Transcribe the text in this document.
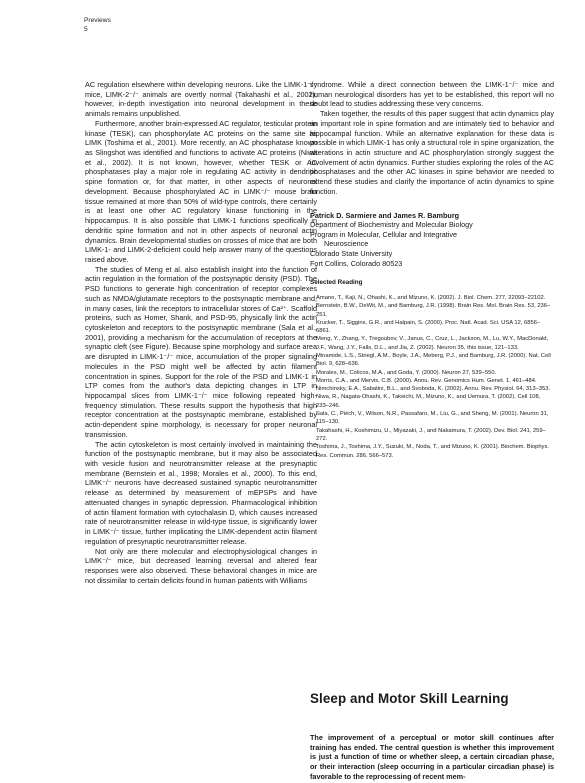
Previews
5

AC regulation elsewhere within developing neurons. Like the LIMK-1⁻/⁻ mice, LIMK-2⁻/⁻ animals are overtly normal (Takahashi et al., 2002); however, in-depth investigation into neuronal development in these animals remains unpublished.

Furthermore, another brain-expressed AC regulator, testicular protein kinase (TESK), can phosphorylate AC proteins on the same site as LIMK (Toshima et al., 2001). More recently, an AC phosphatase known as Slingshot was identified and functions to activate AC proteins (Niwa et al., 2002). It is not known, however, whether TESK or AC phosphatases play a major role in regulating AC activity in dendritic spine formation or, for that matter, in other aspects of neuronal development. Because phosphorylated AC in LIMK⁻/⁻ mouse brain tissue remained at more than 50% of wild-type controls, there certainly is at least one other AC regulatory kinase functioning in the hippocampus. It is also possible that LIMK-1 functions specifically in dendritic spine formation and not in other aspects of neuronal actin dynamics. Brain developmental studies on crosses of mice that are both LIMK-1- and LIMK-2-deficient could help answer many of the questions raised above.

The studies of Meng et al. also establish insight into the function of actin regulation in the formation of the postsynaptic density (PSD). The PSD functions to generate high concentration of receptor complexes such as NMDA/glutamate receptors to the postsynaptic membrane and, in many cases, link the receptors to intracellular stores of Ca²⁺. Scaffold proteins, such as Homer, Shank, and PSD-95, physically link the actin cytoskeleton and receptors to the postsynaptic membrane (Sala et al., 2001), providing a mechanism for the accumulation of receptors at the synaptic cleft (see Figure). Because spine morphology and surface area are disrupted in LIMK-1⁻/⁻ mice, accumulation of the proper signaling molecules in the PSD might well be affected by actin filament concentration in spines. Support for the role of the PSD and LIMK-1 in LTP comes from the author's data depicting changes in LTP in hippocampal slices from LIMK-1⁻/⁻ mice following repeated high-frequency stimulation. These results support the hypothesis that high receptor concentration at the postsynaptic membrane, established by actin-dependent spine morphology, is necessary for proper neuronal transmission.

The actin cytoskeleton is most certainly involved in maintaining the function of the postsynaptic membrane, but it may also be associated with vesicle fusion and neurotransmitter release at the presynaptic membrane (Bernstein et al., 1998; Morales et al., 2000). To this end, LIMK⁻/⁻ neurons have decreased sustained synaptic neurotransmitter release as determined by measurement of mEPSPs and have attenuated changes in synaptic depression. Pharmacological inhibition of actin filament formation with cytochalasin D, which causes increased rate of neurotransmitter release in wild-type tissue, is significantly lower in LIMK⁻/⁻ tissue, further implicating the LIMK-dependent actin filament regulation of presynaptic neurotransmitter release.

Not only are there molecular and electrophysiological changes in LIMK⁻/⁻ mice, but decreased learning reversal and altered fear responses were also observed. These behavioral changes in mice are not dissimilar to certain deficits found in human patients with Williams

syndrome. While a direct connection between the LIMK-1⁻/⁻ mice and human neurological disorders has yet to be established, this report will no doubt lead to studies addressing these very concerns.

Taken together, the results of this paper suggest that actin dynamics play an important role in spine formation and are intimately tied to behavior and hippocampal function. While an alternative explanation for these data is possible in which LIMK-1 has only a structural role in spine organization, the alterations in actin structure and AC phosphorylation strongly suggest the involvement of actin dynamics. Further studies exploring the roles of the AC phosphatases and the other AC kinases in spine behavior are needed to extend these studies and clarify the importance of actin dynamics to spine function.

Patrick D. Sarmiere and James R. Bamburg
Department of Biochemistry and Molecular Biology
Program in Molecular, Cellular and Integrative
Neuroscience
Colorado State University
Fort Collins, Colorado 80523
Selected Reading

Amano, T., Kaji, N., Ohashi, K., and Mizuno, K. (2002). J. Biol. Chem. 277, 22093–22102.

Bernstein, B.W., DeWit, M., and Bamburg, J.R. (1998). Brain Res. Mol. Brain Res. 53, 236–251.

Krucker, T., Siggins, G.R., and Halpain, S. (2000). Proc. Natl. Acad. Sci. USA 12, 6856–6861.

Meng, Y., Zhang, Y., Tregoubov, V., Janus, C., Cruz, L., Jackson, M., Lu, W.Y., MacDonald, J.F., Wang, J.Y., Falls, D.L., and Jia, Z. (2002). Neuron 35, this issue, 121–133.

Minamide, L.S., Striegl, A.M., Boyle, J.A., Meberg, P.J., and Bamburg, J.R. (2000). Nat. Cell Biol. 9, 628–636.

Morales, M., Colicos, M.A., and Goda, Y. (2000). Neuron 27, 539–550.

Morris, C.A., and Mervis, C.B. (2000). Annu. Rev. Genomics Hum. Genet. 1, 461–484.

Nimchinsky, E.A., Sabatini, B.L., and Svoboda, K. (2002). Annu. Rev. Physiol. 64, 313–353.

Niwa, R., Nagata-Ohashi, K., Takeichi, M., Mizuno, K., and Uemura, T. (2002). Cell 108, 233–246.

Sala, C., Piéch, V., Wilson, N.R., Passafaro, M., Liu, G., and Sheng, M. (2001). Neuron 31, 115–130.

Takahashi, H., Koshimizu, U., Miyazaki, J., and Nakamura, T. (2002). Dev. Biol. 241, 259–272.

Toshima, J., Toshima, J.Y., Suzuki, M., Noda, T., and Mizuno, K. (2001). Biochem. Biophys. Res. Commun. 286, 566–573.

Sleep and Motor Skill Learning
The improvement of a perceptual or motor skill continues after training has ended. The central question is whether this improvement is just a function of time or whether sleep, a certain circadian phase, or their interaction (sleep occurring in a particular circadian phase) is favorable to the reprocessing of recent mem-
